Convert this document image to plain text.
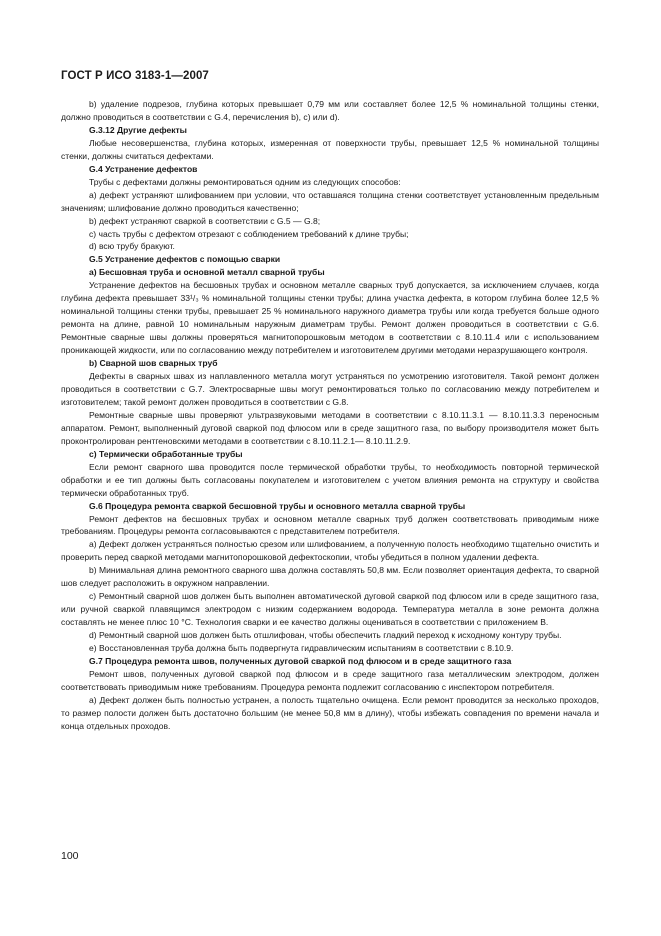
ГОСТ Р ИСО 3183-1—2007

b) удаление подрезов, глубина которых превышает 0,79 мм или составляет более 12,5 % номинальной толщины стенки, должно проводиться в соответствии с G.4, перечисления b), c) или d).

G.3.12 Другие дефекты

Любые несовершенства, глубина которых, измеренная от поверхности трубы, превышает 12,5 % номинальной толщины стенки, должны считаться дефектами.

G.4 Устранение дефектов

Трубы с дефектами должны ремонтироваться одним из следующих способов:

a) дефект устраняют шлифованием при условии, что оставшаяся толщина стенки соответствует установленным предельным значениям; шлифование должно проводиться качественно;

b) дефект устраняют сваркой в соответствии с G.5 — G.8;

c) часть трубы с дефектом отрезают с соблюдением требований к длине трубы;

d) всю трубу бракуют.

G.5 Устранение дефектов с помощью сварки

a) Бесшовная труба и основной металл сварной трубы

Устранение дефектов на бесшовных трубах и основном металле сварных труб допускается, за исключением случаев, когда глубина дефекта превышает 33¹/₃ % номинальной толщины стенки трубы; длина участка дефекта, в котором глубина более 12,5 % номинальной толщины стенки трубы, превышает 25 % номинального наружного диаметра трубы или когда требуется больше одного ремонта на длине, равной 10 номинальным наружным диаметрам трубы. Ремонт должен проводиться в соответствии с G.6. Ремонтные сварные швы должны проверяться магнитопорошковым методом в соответствии с 8.10.11.4 или с использованием проникающей жидкости, или по согласованию между потребителем и изготовителем другими методами неразрушающего контроля.

b) Сварной шов сварных труб

Дефекты в сварных швах из наплавленного металла могут устраняться по усмотрению изготовителя. Такой ремонт должен проводиться в соответствии с G.7. Электросварные швы могут ремонтироваться только по согласованию между потребителем и изготовителем; такой ремонт должен проводиться в соответствии с G.8.

Ремонтные сварные швы проверяют ультразвуковыми методами в соответствии с 8.10.11.3.1 — 8.10.11.3.3 переносным аппаратом. Ремонт, выполненный дуговой сваркой под флюсом или в среде защитного газа, по выбору производителя может быть проконтролирован рентгеновскими методами в соответствии с 8.10.11.2.1— 8.10.11.2.9.

c) Термически обработанные трубы

Если ремонт сварного шва проводится после термической обработки трубы, то необходимость повторной термической обработки и ее тип должны быть согласованы покупателем и изготовителем с учетом влияния ремонта на структуру и свойства термически обработанных труб.

G.6 Процедура ремонта сваркой бесшовной трубы и основного металла сварной трубы

Ремонт дефектов на бесшовных трубах и основном металле сварных труб должен соответствовать приводимым ниже требованиям. Процедуры ремонта согласовываются с представителем потребителя.

a) Дефект должен устраняться полностью срезом или шлифованием, а полученную полость необходимо тщательно очистить и проверить перед сваркой методами магнитопорошковой дефектоскопии, чтобы убедиться в полном удалении дефекта.

b) Минимальная длина ремонтного сварного шва должна составлять 50,8 мм. Если позволяет ориентация дефекта, то сварной шов следует расположить в окружном направлении.

c) Ремонтный сварной шов должен быть выполнен автоматической дуговой сваркой под флюсом или в среде защитного газа, или ручной сваркой плавящимся электродом с низким содержанием водорода. Температура металла в зоне ремонта должна составлять не менее плюс 10 °С. Технология сварки и ее качество должны оцениваться в соответствии с приложением В.

d) Ремонтный сварной шов должен быть отшлифован, чтобы обеспечить гладкий переход к исходному контуру трубы.

e) Восстановленная труба должна быть подвергнута гидравлическим испытаниям в соответствии с 8.10.9.

G.7 Процедура ремонта швов, полученных дуговой сваркой под флюсом и в среде защитного газа

Ремонт швов, полученных дуговой сваркой под флюсом и в среде защитного газа металлическим электродом, должен соответствовать приводимым ниже требованиям. Процедура ремонта подлежит согласованию с инспектором потребителя.

a) Дефект должен быть полностью устранен, а полость тщательно очищена. Если ремонт проводится за несколько проходов, то размер полости должен быть достаточно большим (не менее 50,8 мм в длину), чтобы избежать совпадения по времени начала и конца отдельных проходов.

100
